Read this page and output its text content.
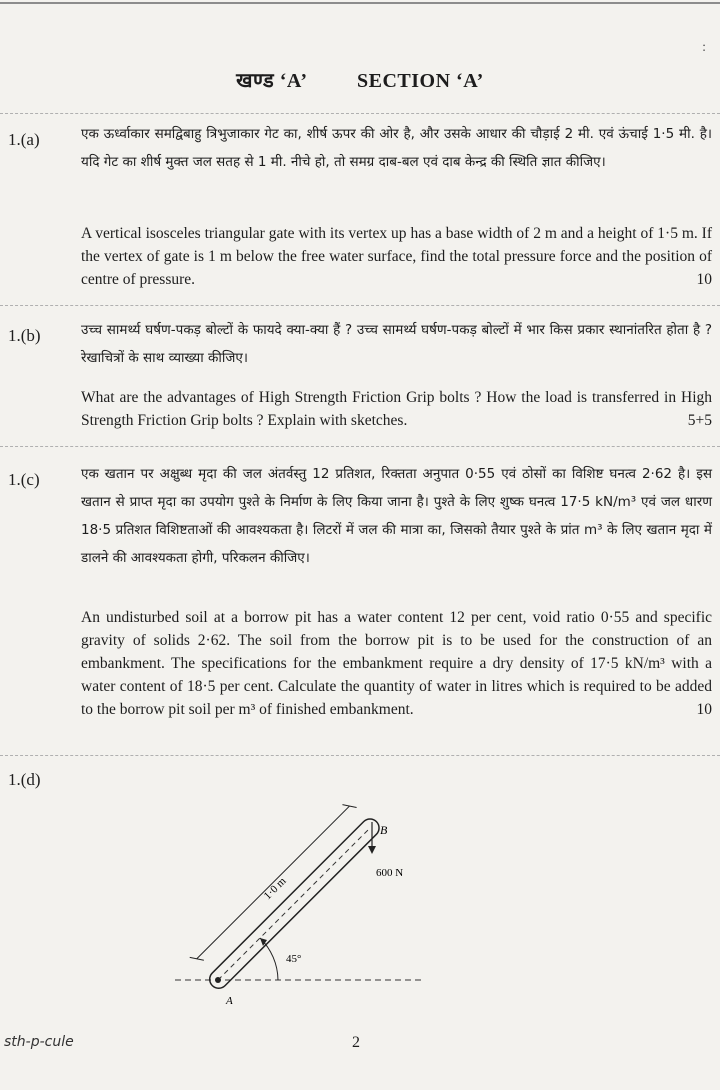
:
खण्ड ‘A’ SECTION ‘A’
1.(a)	एक ऊर्ध्वाकार समद्विबाहु त्रिभुजाकार गेट का, शीर्ष ऊपर की ओर है, और उसके आधार की चौड़ाई 2 मी. एवं ऊंचाई 1·5 मी. है। यदि गेट का शीर्ष मुक्त जल सतह से 1 मी. नीचे हो, तो समग्र दाब-बल एवं दाब केन्द्र की स्थिति ज्ञात कीजिए।
A vertical isosceles triangular gate with its vertex up has a base width of 2 m and a height of 1·5 m. If the vertex of gate is 1 m below the free water surface, find the total pressure force and the position of centre of pressure.	10
1.(b)	उच्च सामर्थ्य घर्षण-पकड़ बोल्टों के फायदे क्या-क्या हैं ? उच्च सामर्थ्य घर्षण-पकड़ बोल्टों में भार किस प्रकार स्थानांतरित होता है ? रेखाचित्रों के साथ व्याख्या कीजिए।
What are the advantages of High Strength Friction Grip bolts ? How the load is transferred in High Strength Friction Grip bolts ? Explain with sketches.	5+5
1.(c)	एक खतान पर अक्षुब्ध मृदा की जल अंतर्वस्तु 12 प्रतिशत, रिक्तता अनुपात 0·55 एवं ठोसों का विशिष्ट घनत्व 2·62 है। इस खतान से प्राप्त मृदा का उपयोग पुश्ते के निर्माण के लिए किया जाना है। पुश्ते के लिए शुष्क घनत्व 17·5 kN/m³ एवं जल धारण 18·5 प्रतिशत विशिष्टताओं की आवश्यकता है। लिटरों में जल की मात्रा का, जिसको तैयार पुश्ते के प्रांत m³ के लिए खतान मृदा में डालने की आवश्यकता होगी, परिकलन कीजिए।
An undisturbed soil at a borrow pit has a water content 12 per cent, void ratio 0·55 and specific gravity of solids 2·62. The soil from the borrow pit is to be used for the construction of an embankment. The specifications for the embankment require a dry density of 17·5 kN/m³ with a water content of 18·5 per cent. Calculate the quantity of water in litres which is required to be added to the borrow pit soil per m³ of finished embankment.	10
1.(d)
1·0 m
600 N
B
A
45°
sth-p-cule	2
